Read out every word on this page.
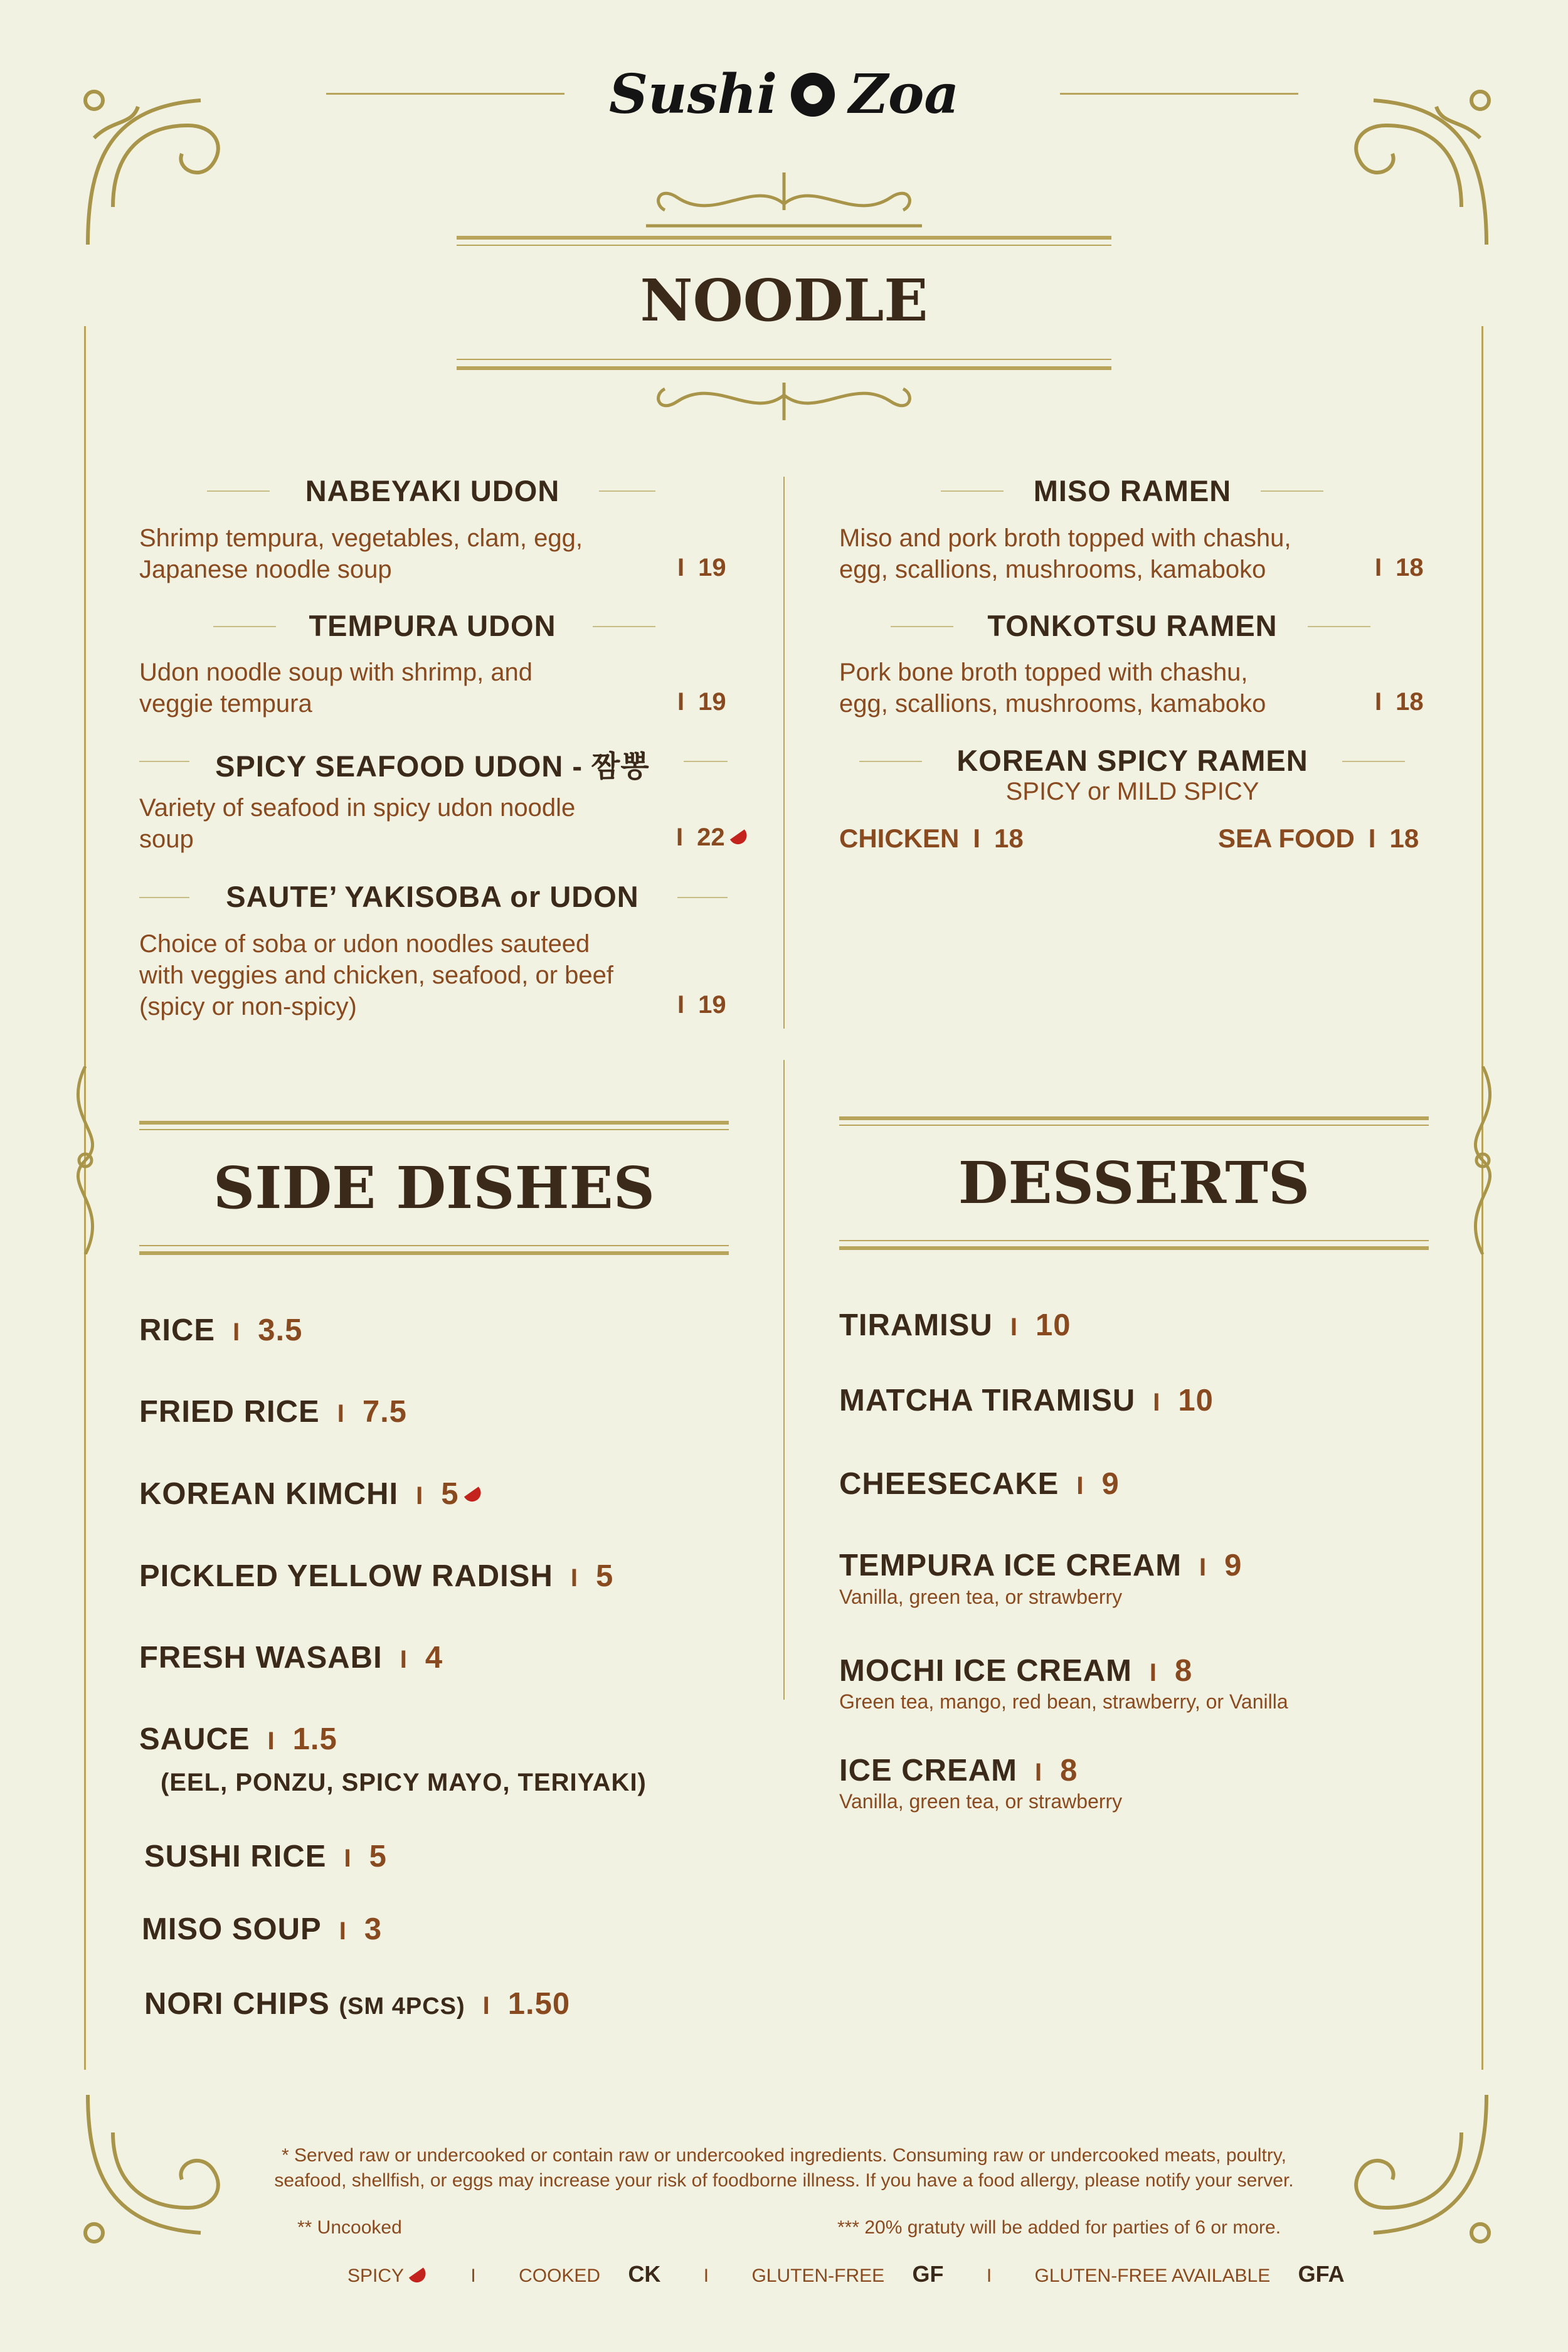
Sushi Zoa
NOODLE
NABEYAKI UDON
Shrimp tempura, vegetables, clam, egg,
Japanese noodle soup	I 19
TEMPURA UDON
Udon noodle soup with shrimp, and
veggie tempura	I 19
SPICY SEAFOOD UDON - 짬뽕
Variety of seafood in spicy udon noodle
soup	I 22
SAUTE’ YAKISOBA or UDON
Choice of soba or udon noodles sauteed
with veggies and chicken, seafood, or beef
(spicy or non-spicy)	I 19
MISO RAMEN
Miso and pork broth topped with chashu,
egg, scallions, mushrooms, kamaboko	I 18
TONKOTSU RAMEN
Pork bone broth topped with chashu,
egg, scallions, mushrooms, kamaboko	I 18
KOREAN SPICY RAMEN
SPICY or MILD SPICY
CHICKEN I 18	SEA FOOD I 18
SIDE DISHES	DESSERTS
RICE I 3.5
FRIED RICE I 7.5
KOREAN KIMCHI I 5
PICKLED YELLOW RADISH I 5
FRESH WASABI I 4
SAUCE I 1.5
(EEL, PONZU, SPICY MAYO, TERIYAKI)
SUSHI RICE I 5
MISO SOUP I 3
NORI CHIPS (SM 4PCS) I 1.50
TIRAMISU I 10
MATCHA TIRAMISU I 10
CHEESECAKE I 9
TEMPURA ICE CREAM I 9
Vanilla, green tea, or strawberry
MOCHI ICE CREAM I 8
Green tea, mango, red bean, strawberry, or Vanilla
ICE CREAM I 8
Vanilla, green tea, or strawberry
* Served raw or undercooked or contain raw or undercooked ingredients. Consuming raw or undercooked meats, poultry,
seafood, shellfish, or eggs may increase your risk of foodborne illness. If you have a food allergy, please notify your server.
** Uncooked	*** 20% gratuty will be added for parties of 6 or more.
SPICY	I COOKED CK I GLUTEN-FREE GF I GLUTEN-FREE AVAILABLE GFA
